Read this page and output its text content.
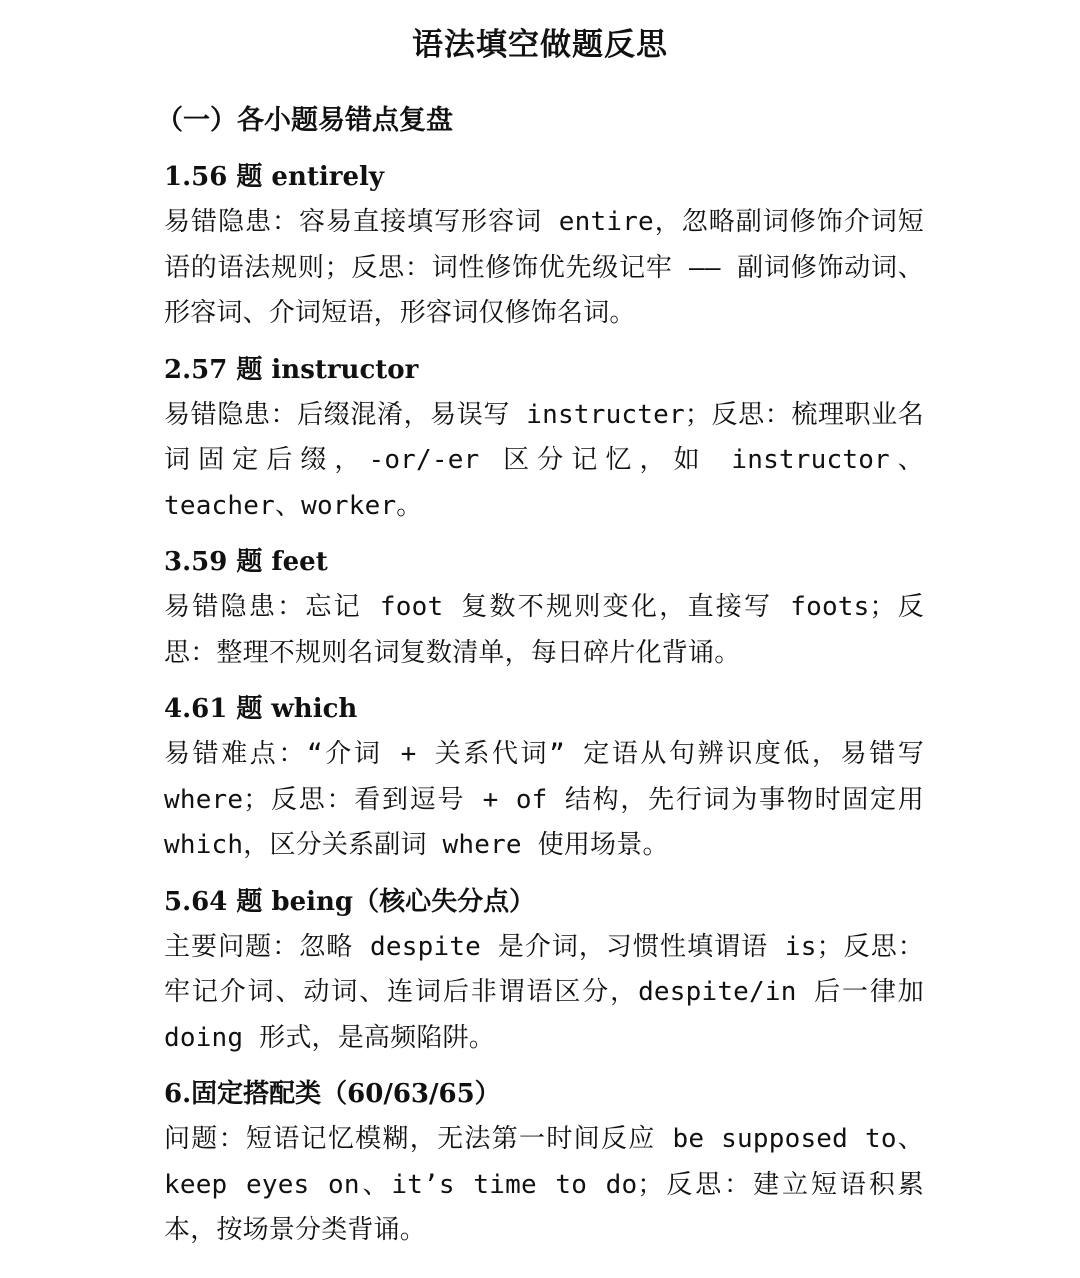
语法填空做题反思
（一）各小题易错点复盘
1.56 题 entirely
易错隐患：容易直接填写形容词 entire，忽略副词修饰介词短语的语法规则；反思：词性修饰优先级记牢 —— 副词修饰动词、形容词、介词短语，形容词仅修饰名词。
2.57 题 instructor
易错隐患：后缀混淆，易误写 instructer；反思：梳理职业名词固定后缀，-or/-er 区分记忆，如 instructor、teacher、worker。
3.59 题 feet
易错隐患：忘记 foot 复数不规则变化，直接写 foots；反思：整理不规则名词复数清单，每日碎片化背诵。
4.61 题 which
易错难点：“介词 + 关系代词” 定语从句辨识度低，易错写 where；反思：看到逗号 + of 结构，先行词为事物时固定用 which，区分关系副词 where 使用场景。
5.64 题 being（核心失分点）
主要问题：忽略 despite 是介词，习惯性填谓语 is；反思：牢记介词、动词、连词后非谓语区分，despite/in 后一律加 doing 形式，是高频陷阱。
6.固定搭配类（60/63/65）
问题：短语记忆模糊，无法第一时间反应 be supposed to、keep eyes on、it’s time to do；反思：建立短语积累本，按场景分类背诵。
